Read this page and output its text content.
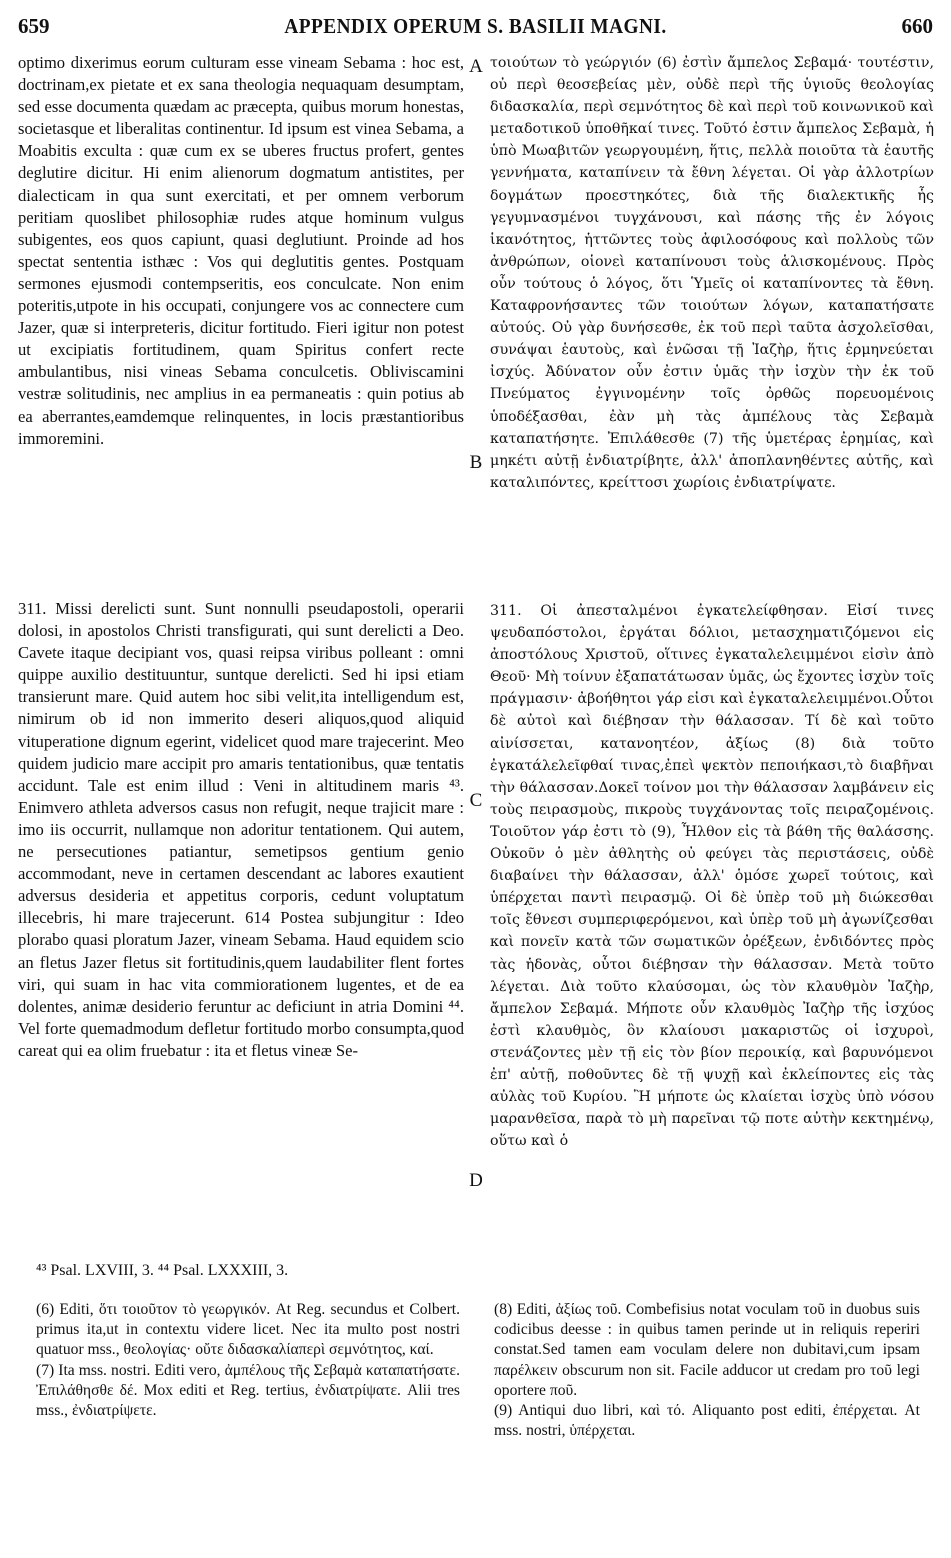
659	APPENDIX OPERUM S. BASILII MAGNI.	660

optimo dixerimus eorum culturam esse vineam Sebama : hoc est, doctrinam,ex pietate et ex sana theologia nequaquam desumptam, sed esse documenta quædam ac præcepta, quibus morum honestas, societasque et liberalitas continentur. Id ipsum est vinea Sebama, a Moabitis exculta : quæ cum ex se uberes fructus profert, gentes deglutire dicitur. Hi enim alienorum dogmatum antistites, per dialecticam in qua sunt exercitati, et per omnem verborum peritiam quoslibet philosophiæ rudes atque hominum vulgus subigentes, eos quos capiunt, quasi deglutiunt. Proinde ad hos spectat sententia isthæc : Vos qui deglutitis gentes. Postquam sermones ejusmodi contempseritis, eos conculcate. Non enim poteritis,utpote in his occupati, conjungere vos ac connectere cum Jazer, quæ si interpreteris, dicitur fortitudo. Fieri igitur non potest ut excipiatis fortitudinem, quam Spiritus confert recte ambulantibus, nisi vineas Sebama conculcetis. Obliviscamini vestræ solitudinis, nec amplius in ea permaneatis : quin potius ab ea aberrantes,eamdemque relinquentes, in locis præstantioribus immoremini.

τοιούτων τὸ γεώργιόν (6) ἐστὶν ἄμπελος Σεβαμά· τουτέστιν, οὐ περὶ θεοσεβείας μὲν, οὐδὲ περὶ τῆς ὑγιοῦς θεολογίας διδασκαλία, περὶ σεμνότητος δὲ καὶ περὶ τοῦ κοινωνικοῦ καὶ μεταδοτικοῦ ὑποθῆκαί τινες. Τοῦτό ἐστιν ἄμπελος Σεβαμὰ, ἡ ὑπὸ Μωαβιτῶν γεωργουμένη, ἥτις, πελλὰ ποιοῦτα τὰ ἑαυτῆς γεννήματα, καταπίνειν τὰ ἔθνη λέγεται. Οἱ γὰρ ἀλλοτρίων δογμάτων προεστηκότες, διὰ τῆς διαλεκτικῆς ἧς γεγυμνασμένοι τυγχάνουσι, καὶ πάσης τῆς ἐν λόγοις ἱκανότητος, ἡττῶντες τοὺς ἀφιλοσόφους καὶ πολλοὺς τῶν ἀνθρώπων, οἱονεὶ καταπίνουσι τοὺς ἁλισκομένους. Πρὸς οὖν τούτους ὁ λόγος, ὅτι Ὑμεῖς οἱ καταπίνοντες τὰ ἔθνη. Καταφρονήσαντες τῶν τοιούτων λόγων, καταπατήσατε αὐτούς. Οὐ γὰρ δυνήσεσθε, ἐκ τοῦ περὶ ταῦτα ἀσχολεῖσθαι, συνάψαι ἑαυτοὺς, καὶ ἑνῶσαι τῇ Ἰαζὴρ, ἥτις ἑρμηνεύεται ἰσχύς. Ἀδύνατον οὖν ἐστιν ὑμᾶς τὴν ἰσχὺν τὴν ἐκ τοῦ Πνεύματος ἐγγινομένην τοῖς ὀρθῶς πορευομένοις ὑποδέξασθαι, ἐὰν μὴ τὰς ἀμπέλους τὰς Σεβαμὰ καταπατήσητε. Ἐπιλάθεσθε (7) τῆς ὑμετέρας ἐρημίας, καὶ μηκέτι αὐτῇ ἐνδιατρίβητε, ἀλλ' ἀποπλανηθέντες αὐτῆς, καὶ καταλιπόντες, κρείττοσι χωρίοις ἐνδιατρίψατε.

311. Missi derelicti sunt. Sunt nonnulli pseudapostoli, operarii dolosi, in apostolos Christi transfigurati, qui sunt derelicti a Deo. Cavete itaque decipiant vos, quasi reipsa viribus polleant : omni quippe auxilio destituuntur, suntque derelicti. Sed hi ipsi etiam transierunt mare. Quid autem hoc sibi velit,ita intelligendum est, nimirum ob id non immerito deseri aliquos,quod aliquid vituperatione dignum egerint, videlicet quod mare trajecerint. Meo quidem judicio mare accipit pro amaris tentationibus, quæ tentatis accidunt. Tale est enim illud : Veni in altitudinem maris ⁴³. Enimvero athleta adversos casus non refugit, neque trajicit mare : imo iis occurrit, nullamque non adoritur tentationem. Qui autem, ne persecutiones patiantur, semetipsos gentium genio accommodant, neve in certamen descendant ac labores exautient adversus desideria et appetitus corporis, cedunt voluptatum illecebris, hi mare trajecerunt. 614 Postea subjungitur : Ideo plorabo quasi ploratum Jazer, vineam Sebama. Haud equidem scio an fletus Jazer fletus sit fortitudinis,quem laudabiliter flent fortes viri, qui suam in hac vita commiorationem lugentes, et de ea dolentes, animæ desiderio feruntur ac deficiunt in atria Domini ⁴⁴. Vel forte quemadmodum defletur fortitudo morbo consumpta,quod careat qui ea olim fruebatur : ita et fletus vineæ Se-

311. Οἱ ἀπεσταλμένοι ἐγκατελείφθησαν. Εἰσί τινες ψευδαπόστολοι, ἐργάται δόλιοι, μετασχηματιζόμενοι εἰς ἀποστόλους Χριστοῦ, οἵτινες ἐγκαταλελειμμένοι εἰσὶν ἀπὸ Θεοῦ· Μὴ τοίνυν ἐξαπατάτωσαν ὑμᾶς, ὡς ἔχοντες ἰσχὺν τοῖς πράγμασιν· ἀβοήθητοι γάρ εἰσι καὶ ἐγκαταλελειμμένοι.Οὗτοι δὲ αὐτοὶ καὶ διέβησαν τὴν θάλασσαν. Τί δὲ καὶ τοῦτο αἰνίσσεται, κατανοητέον, ἀξίως (8) διὰ τοῦτο ἐγκατάλελεῖφθαί τινας,ἐπεὶ ψεκτὸν πεποιήκασι,τὸ διαβῆναι τὴν θάλασσαν.Δοκεῖ τοίνον μοι τὴν θάλασσαν λαμβάνειν εἰς τοὺς πειρασμοὺς, πικροὺς τυγχάνοντας τοῖς πειραζομένοις. Τοιοῦτον γάρ ἐστι τὸ (9), Ἦλθον εἰς τὰ βάθη τῆς θαλάσσης. Οὐκοῦν ὁ μὲν ἀθλητὴς οὐ φεύγει τὰς περιστάσεις, οὐδὲ διαβαίνει τὴν θάλασσαν, ἀλλ' ὁμόσε χωρεῖ τούτοις, καὶ ὑπέρχεται παντὶ πειρασμῷ. Οἱ δὲ ὑπὲρ τοῦ μὴ διώκεσθαι τοῖς ἔθνεσι συμπεριφερόμενοι, καὶ ὑπὲρ τοῦ μὴ ἀγωνίζεσθαι καὶ πονεῖν κατὰ τῶν σωματικῶν ὀρέξεων, ἐνδιδόντες πρὸς τὰς ἡδονὰς, οὗτοι διέβησαν τὴν θάλασσαν. Μετὰ τοῦτο λέγεται. Διὰ τοῦτο κλαύσομαι, ὡς τὸν κλαυθμὸν Ἰαζὴρ, ἄμπελον Σεβαμά. Μήποτε οὖν κλαυθμὸς Ἰαζὴρ τῆς ἰσχύος ἐστὶ κλαυθμὸς, ὃν κλαίουσι μακαριστῶς οἱ ἰσχυροὶ, στενάζοντες μὲν τῇ εἰς τὸν βίον περοικίᾳ, καὶ βαρυνόμενοι ἐπ' αὐτῇ, ποθοῦντες δὲ τῇ ψυχῇ καὶ ἐκλείποντες εἰς τὰς αὐλὰς τοῦ Κυρίου. Ἢ μήποτε ὡς κλαίεται ἰσχὺς ὑπὸ νόσου μαρανθεῖσα, παρὰ τὸ μὴ παρεῖναι τῷ ποτε αὐτὴν κεκτημένῳ, οὕτω καὶ ὁ

A
B
C
D
⁴³ Psal. LXVIII, 3. ⁴⁴ Psal. LXXXIII, 3.

(6) Editi, ὅτι τοιοῦτον τὸ γεωργικόν. At Reg. secundus et Colbert. primus ita,ut in contextu videre licet. Nec ita multo post nostri quatuor mss., θεολογίας· οὔτε διδασκαλίαπερὶ σεμνότητος, καί.

(7) Ita mss. nostri. Editi vero, ἀμπέλους τῆς Σεβαμὰ καταπατήσατε. Ἐπιλάθησθε δέ. Mox editi et Reg. tertius, ἐνδιατρίψατε. Alii tres mss., ἐνδιατρίψετε.

(8) Editi, ἀξίως τοῦ. Combefisius notat voculam τοῦ in duobus suis codicibus deesse : in quibus tamen perinde ut in reliquis reperiri constat.Sed tamen eam voculam delere non dubitavi,cum ipsam παρέλκειν obscurum non sit. Facile adducor ut credam pro τοῦ legi oportere ποῦ.

(9) Antiqui duo libri, καὶ τό. Aliquanto post editi, ἐπέρχεται. At mss. nostri, ὑπέρχεται.
